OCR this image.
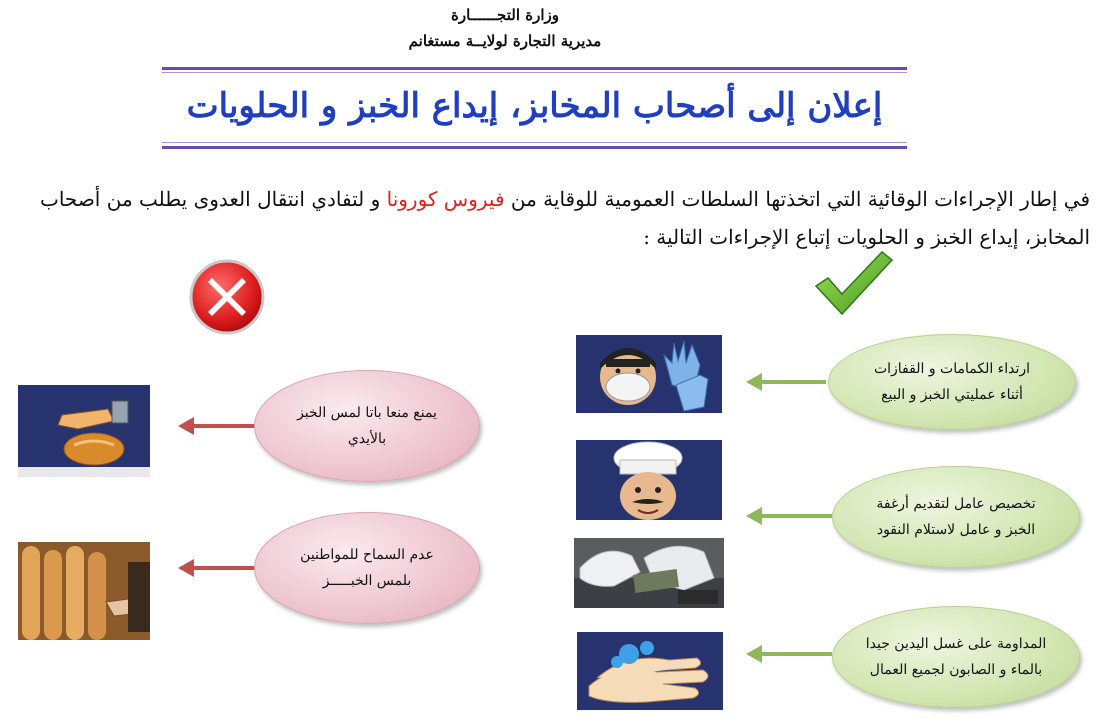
وزارة التجــــــارة
مديرية التجارة لولايــة مستغانم
إعلان إلى أصحاب المخابز، إيداع الخبز و الحلويات
في إطار الإجراءات الوقائية التي اتخذتها السلطات العمومية للوقاية من فيروس كورونا و لتفادي انتقال العدوى يطلب من أصحاب المخابز، إيداع الخبز و الحلويات إتباع الإجراءات التالية :
ارتداء الكمامات و القفازات
أثناء عمليتي الخبز و البيع
تخصيص عامل لتقديم أرغفة
الخبز و عامل لاستلام النقود
المداومة على غسل اليدين جيدا
بالماء و الصابون لجميع العمال
يمنع منعا باتا لمس الخبز
بالأيدي
عدم السماح للمواطنين
بلمس الخبـــــز
